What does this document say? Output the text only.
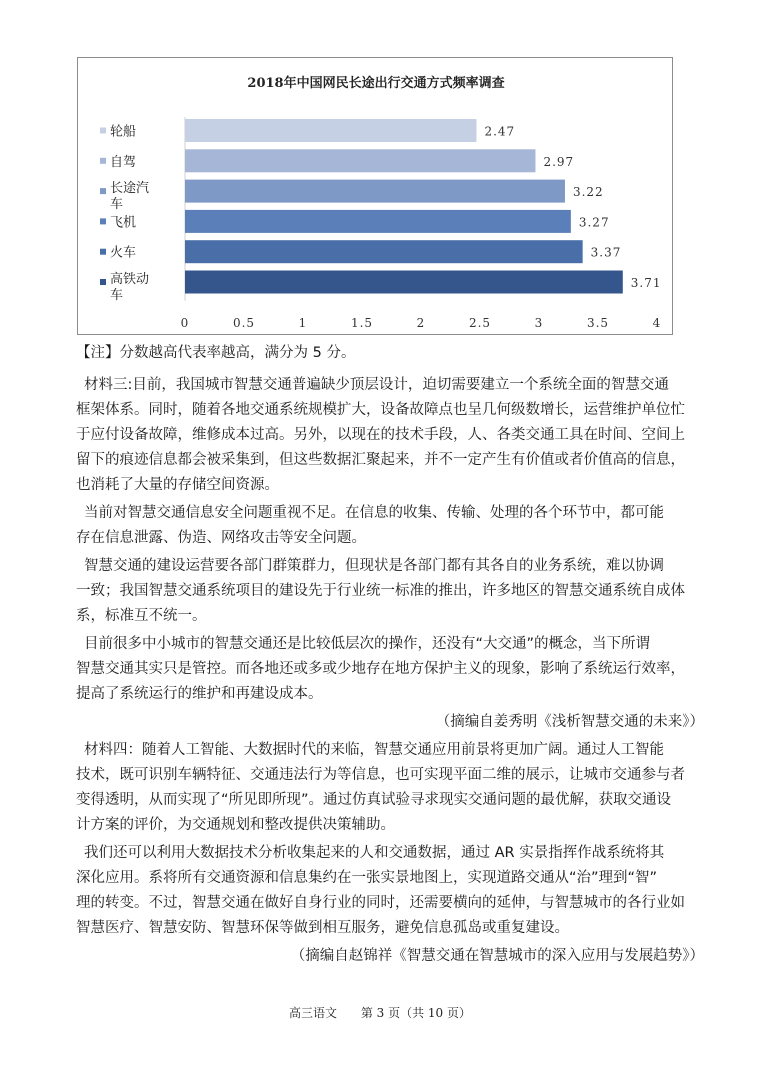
2018年中国网民长途出行交通方式频率调查
2.47
轮船
2.97
自驾
3.22
长途汽
车
3.27
飞机
3.37
火车
3.71
高铁动
车
0	0.5	1	1.5	2	2.5	3	3.5	4
【注】分数越高代表率越高，满分为 5 分。
材料三:目前，我国城市智慧交通普遍缺少顶层设计，迫切需要建立一个系统全面的智慧交通
框架体系。同时，随着各地交通系统规模扩大，设备故障点也呈几何级数增长，运营维护单位忙
于应付设备故障，维修成本过高。另外，以现在的技术手段，人、各类交通工具在时间、空间上
留下的痕迹信息都会被采集到，但这些数据汇聚起来，并不一定产生有价值或者价值高的信息，
也消耗了大量的存储空间资源。
当前对智慧交通信息安全问题重视不足。在信息的收集、传输、处理的各个环节中，都可能
存在信息泄露、伪造、网络攻击等安全问题。
智慧交通的建设运营要各部门群策群力，但现状是各部门都有其各自的业务系统，难以协调
一致；我国智慧交通系统项目的建设先于行业统一标准的推出，许多地区的智慧交通系统自成体
系，标准互不统一。
目前很多中小城市的智慧交通还是比较低层次的操作，还没有“大交通”的概念，当下所谓
智慧交通其实只是管控。而各地还或多或少地存在地方保护主义的现象，影响了系统运行效率，
提高了系统运行的维护和再建设成本。
（摘编自姜秀明《浅析智慧交通的未来》）
材料四：随着人工智能、大数据时代的来临，智慧交通应用前景将更加广阔。通过人工智能
技术，既可识别车辆特征、交通违法行为等信息，也可实现平面二维的展示，让城市交通参与者
变得透明，从而实现了“所见即所现”。通过仿真试验寻求现实交通问题的最优解，获取交通设
计方案的评价，为交通规划和整改提供决策辅助。
我们还可以利用大数据技术分析收集起来的人和交通数据，通过 AR 实景指挥作战系统将其
深化应用。系将所有交通资源和信息集约在一张实景地图上，实现道路交通从“治”理到“智”
理的转变。不过，智慧交通在做好自身行业的同时，还需要横向的延伸，与智慧城市的各行业如
智慧医疗、智慧安防、智慧环保等做到相互服务，避免信息孤岛或重复建设。
（摘编自赵锦祥《智慧交通在智慧城市的深入应用与发展趋势》）
高三语文 第 3 页（共 10 页）
